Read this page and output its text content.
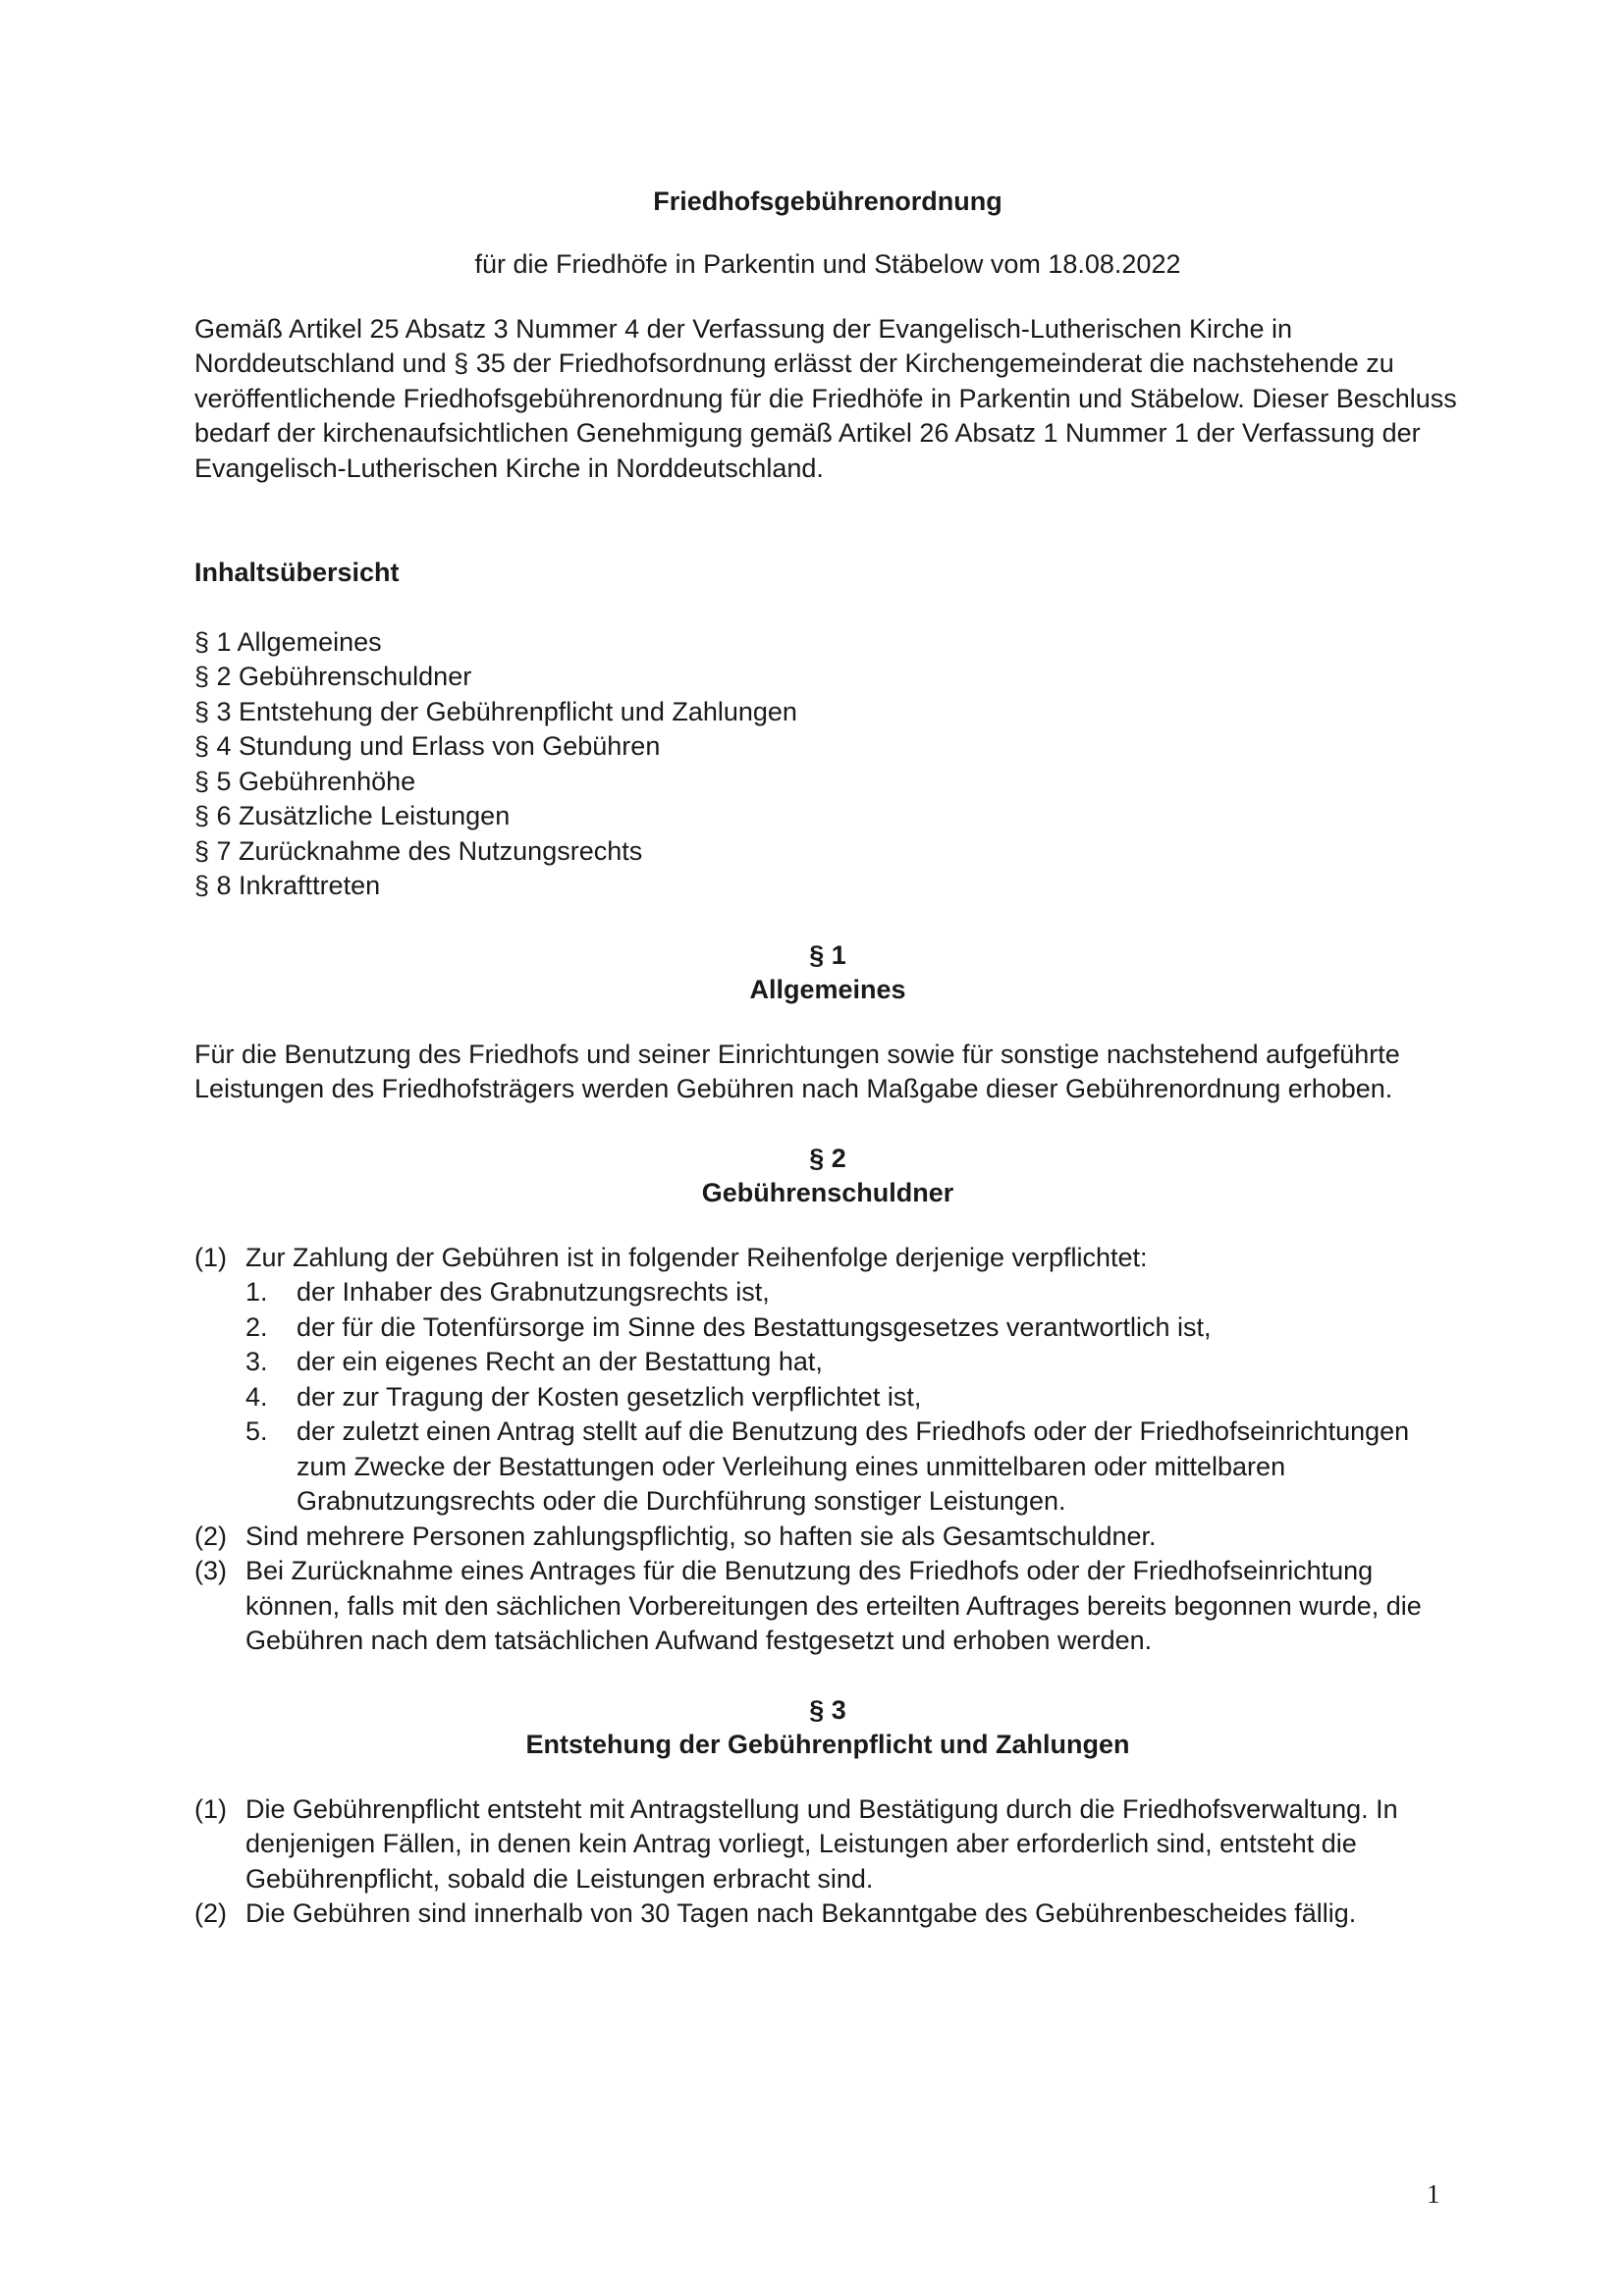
Friedhofsgebührenordnung

für die Friedhöfe in Parkentin und Stäbelow vom 18.08.2022

Gemäß Artikel 25 Absatz 3 Nummer 4 der Verfassung der Evangelisch-Lutherischen Kirche in Norddeutschland und § 35 der Friedhofsordnung erlässt der Kirchengemeinderat die nachstehende zu veröffentlichende Friedhofsgebührenordnung für die Friedhöfe in Parkentin und Stäbelow. Dieser Beschluss bedarf der kirchenaufsichtlichen Genehmigung gemäß Artikel 26 Absatz 1 Nummer 1 der Verfassung der Evangelisch-Lutherischen Kirche in Norddeutschland.

Inhaltsübersicht

§ 1 Allgemeines
§ 2 Gebührenschuldner
§ 3 Entstehung der Gebührenpflicht und Zahlungen
§ 4 Stundung und Erlass von Gebühren
§ 5 Gebührenhöhe
§ 6 Zusätzliche Leistungen
§ 7 Zurücknahme des Nutzungsrechts
§ 8 Inkrafttreten

§ 1

Allgemeines

Für die Benutzung des Friedhofs und seiner Einrichtungen sowie für sonstige nachstehend aufgeführte Leistungen des Friedhofsträgers werden Gebühren nach Maßgabe dieser Gebührenordnung erhoben.

§ 2

Gebührenschuldner

(1) Zur Zahlung der Gebühren ist in folgender Reihenfolge derjenige verpflichtet:
1.	der Inhaber des Grabnutzungsrechts ist,
2.	der für die Totenfürsorge im Sinne des Bestattungsgesetzes verantwortlich ist,
3.	der ein eigenes Recht an der Bestattung hat,
4.	der zur Tragung der Kosten gesetzlich verpflichtet ist,
5.	der zuletzt einen Antrag stellt auf die Benutzung des Friedhofs oder der Friedhofseinrichtungen zum Zwecke der Bestattungen oder Verleihung eines unmittelbaren oder mittelbaren Grabnutzungsrechts oder die Durchführung sonstiger Leistungen.
(2) Sind mehrere Personen zahlungspflichtig, so haften sie als Gesamtschuldner.
(3) Bei Zurücknahme eines Antrages für die Benutzung des Friedhofs oder der Friedhofseinrichtung können, falls mit den sächlichen Vorbereitungen des erteilten Auftrages bereits begonnen wurde, die Gebühren nach dem tatsächlichen Aufwand festgesetzt und erhoben werden.

§ 3

Entstehung der Gebührenpflicht und Zahlungen

(1) Die Gebührenpflicht entsteht mit Antragstellung und Bestätigung durch die Friedhofsverwaltung. In denjenigen Fällen, in denen kein Antrag vorliegt, Leistungen aber erforderlich sind, entsteht die Gebührenpflicht, sobald die Leistungen erbracht sind.
(2) Die Gebühren sind innerhalb von 30 Tagen nach Bekanntgabe des Gebührenbescheides fällig.
1
